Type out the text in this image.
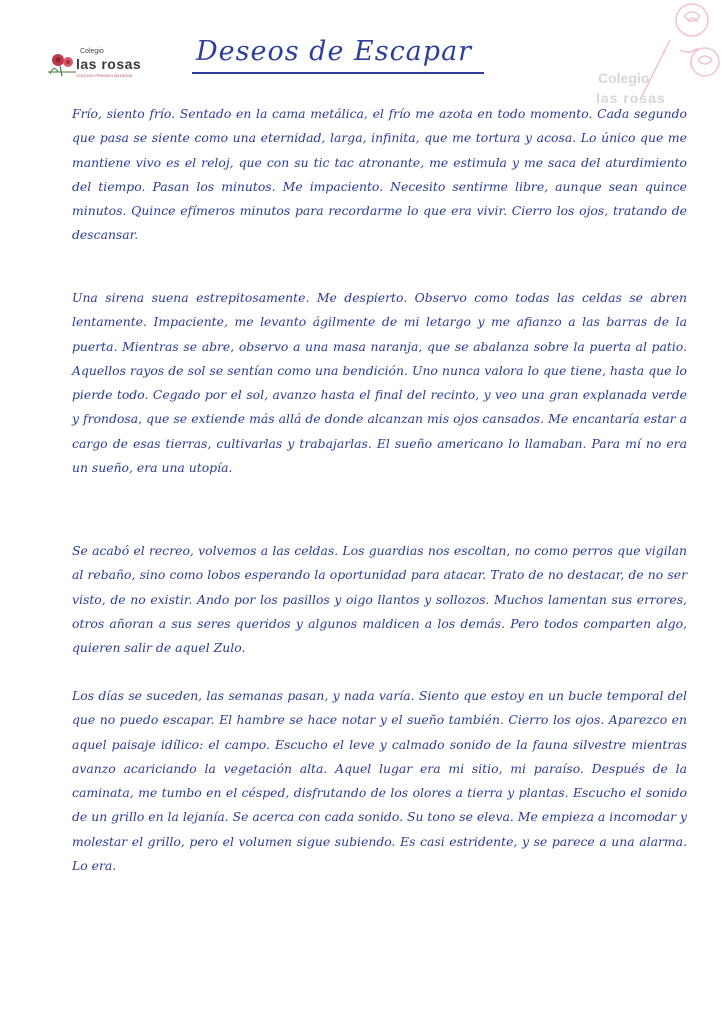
Colegio
las rosas
COLEGIO PRIVADO BILINGÜE	Colegio
las rosas
Deseos de Escapar

Frío, siento frío. Sentado en la cama metálica, el frío me azota en todo momento. Cada segundo que pasa se siente como una eternidad, larga, infinita, que me tortura y acosa. Lo único que me mantiene vivo es el reloj, que con su tic tac atronante, me estimula y me saca del aturdimiento del tiempo. Pasan los minutos. Me impaciento. Necesito sentirme libre, aunque sean quince minutos. Quince efímeros minutos para recordarme lo que era vivir. Cierro los ojos, tratando de descansar.

Una sirena suena estrepitosamente. Me despierto. Observo como todas las celdas se abren lentamente. Impaciente, me levanto ágilmente de mi letargo y me afianzo a las barras de la puerta. Mientras se abre, observo a una masa naranja, que se abalanza sobre la puerta al patio. Aquellos rayos de sol se sentían como una bendición. Uno nunca valora lo que tiene, hasta que lo pierde todo. Cegado por el sol, avanzo hasta el final del recinto, y veo una gran explanada verde y frondosa, que se extiende más allá de donde alcanzan mis ojos cansados. Me encantaría estar a cargo de esas tierras, cultivarlas y trabajarlas. El sueño americano lo llamaban. Para mí no era un sueño, era una utopía.

Se acabó el recreo, volvemos a las celdas. Los guardias nos escoltan, no como perros que vigilan al rebaño, sino como lobos esperando la oportunidad para atacar. Trato de no destacar, de no ser visto, de no existir. Ando por los pasillos y oigo llantos y sollozos. Muchos lamentan sus errores, otros añoran a sus seres queridos y algunos maldicen a los demás. Pero todos comparten algo, quieren salir de aquel Zulo.

Los días se suceden, las semanas pasan, y nada varía. Siento que estoy en un bucle temporal del que no puedo escapar. El hambre se hace notar y el sueño también. Cierro los ojos. Aparezco en aquel paisaje idílico: el campo. Escucho el leve y calmado sonido de la fauna silvestre mientras avanzo acariciando la vegetación alta. Aquel lugar era mi sitio, mi paraíso. Después de la caminata, me tumbo en el césped, disfrutando de los olores a tierra y plantas. Escucho el sonido de un grillo en la lejanía. Se acerca con cada sonido. Su tono se eleva. Me empieza a incomodar y molestar el grillo, pero el volumen sigue subiendo. Es casi estridente, y se parece a una alarma. Lo era.
